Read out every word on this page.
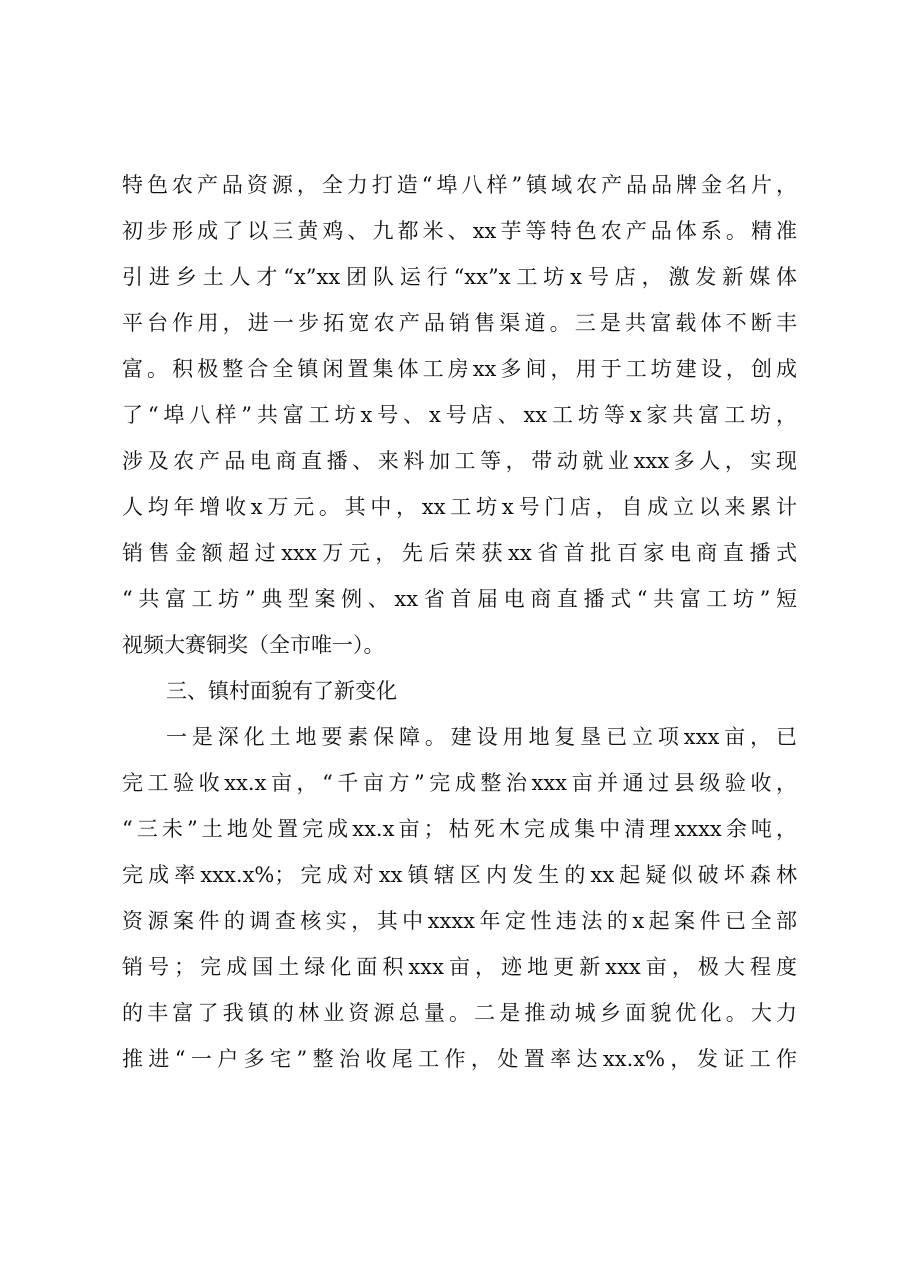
特色农产品资源，全力打造“埠八样”镇域农产品品牌金名片，
初步形成了以三黄鸡、九都米、xx芋等特色农产品体系。精准
引进乡土人才“x”xx团队运行“xx”x工坊x号店，激发新媒体
平台作用，进一步拓宽农产品销售渠道。三是共富载体不断丰
富。积极整合全镇闲置集体工房xx多间，用于工坊建设，创成
了“埠八样”共富工坊x号、x号店、xx工坊等x家共富工坊，
涉及农产品电商直播、来料加工等，带动就业xxx多人，实现
人均年增收x万元。其中，xx工坊x号门店，自成立以来累计
销售金额超过xxx万元，先后荣获xx省首批百家电商直播式
“共富工坊”典型案例、xx省首届电商直播式“共富工坊”短
视频大赛铜奖（全市唯一）。
三、镇村面貌有了新变化
一是深化土地要素保障。建设用地复垦已立项xxx亩，已
完工验收xx.x亩，“千亩方”完成整治xxx亩并通过县级验收，
“三未”土地处置完成xx.x亩；枯死木完成集中清理xxxx余吨，
完成率xxx.x%；完成对xx镇辖区内发生的xx起疑似破坏森林
资源案件的调查核实，其中xxxx年定性违法的x起案件已全部
销号；完成国土绿化面积xxx亩，迹地更新xxx亩，极大程度
的丰富了我镇的林业资源总量。二是推动城乡面貌优化。大力
推进“一户多宅”整治收尾工作，处置率达xx.x%，发证工作
